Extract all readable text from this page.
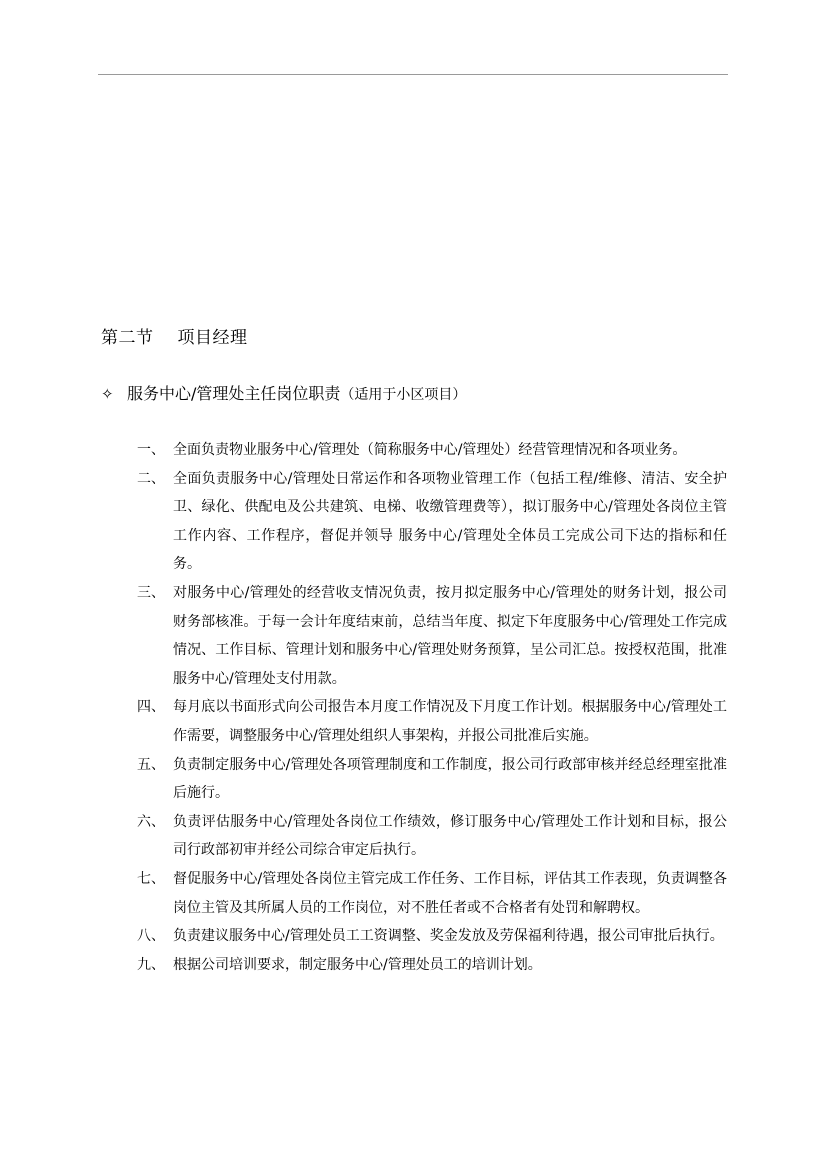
第二节 项目经理
✧ 服务中心/管理处主任岗位职责（适用于小区项目）
一、 全面负责物业服务中心/管理处（简称服务中心/管理处）经营管理情况和各项业务。
二、 全面负责服务中心/管理处日常运作和各项物业管理工作（包括工程/维修、清洁、安全护卫、绿化、供配电及公共建筑、电梯、收缴管理费等），拟订服务中心/管理处各岗位主管工作内容、工作程序，督促并领导 服务中心/管理处全体员工完成公司下达的指标和任务。
三、 对服务中心/管理处的经营收支情况负责，按月拟定服务中心/管理处的财务计划，报公司财务部核准。于每一会计年度结束前，总结当年度、拟定下年度服务中心/管理处工作完成情况、工作目标、管理计划和服务中心/管理处财务预算，呈公司汇总。按授权范围，批准服务中心/管理处支付用款。
四、 每月底以书面形式向公司报告本月度工作情况及下月度工作计划。根据服务中心/管理处工作需要，调整服务中心/管理处组织人事架构，并报公司批准后实施。
五、 负责制定服务中心/管理处各项管理制度和工作制度，报公司行政部审核并经总经理室批准后施行。
六、 负责评估服务中心/管理处各岗位工作绩效，修订服务中心/管理处工作计划和目标，报公司行政部初审并经公司综合审定后执行。
七、 督促服务中心/管理处各岗位主管完成工作任务、工作目标，评估其工作表现，负责调整各岗位主管及其所属人员的工作岗位，对不胜任者或不合格者有处罚和解聘权。
八、 负责建议服务中心/管理处员工工资调整、奖金发放及劳保福利待遇，报公司审批后执行。
九、 根据公司培训要求，制定服务中心/管理处员工的培训计划。
